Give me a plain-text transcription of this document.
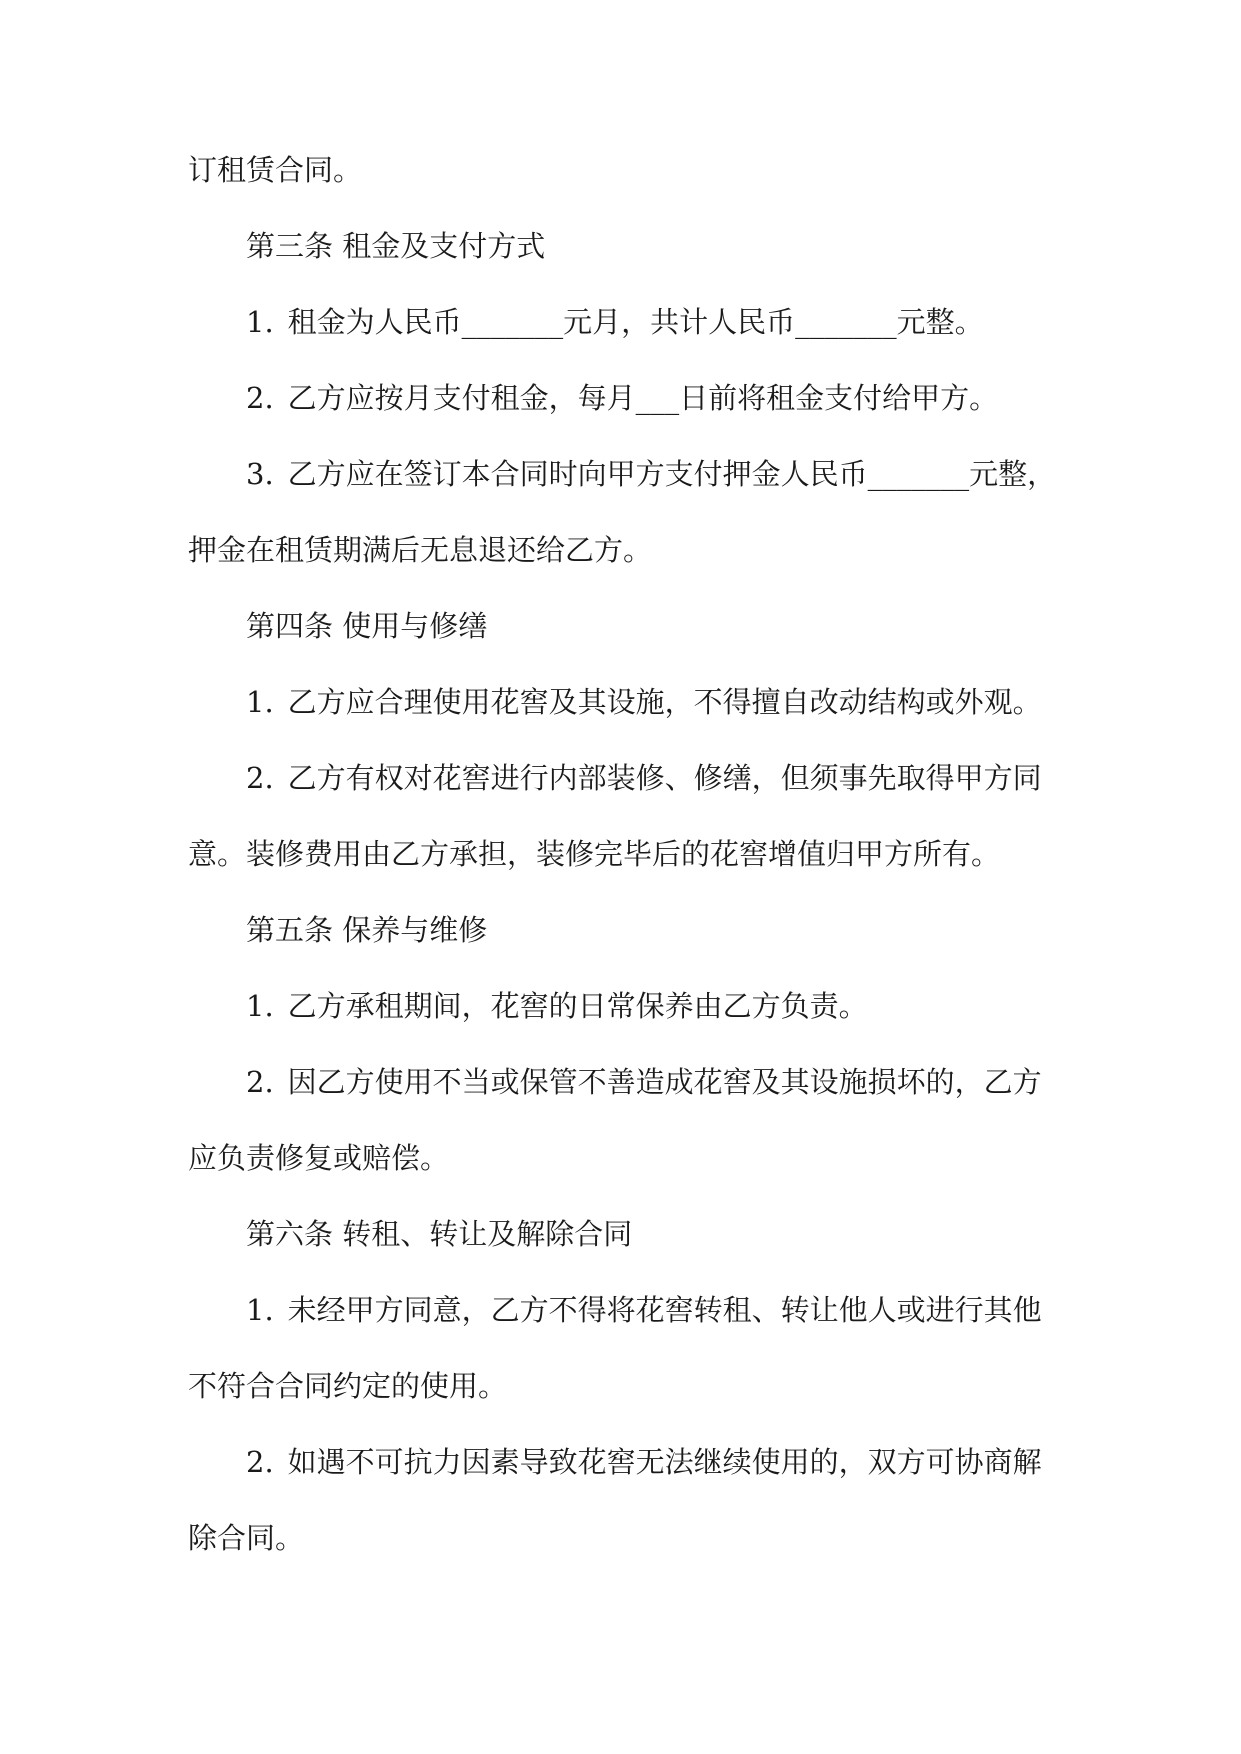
订租赁合同。

第三条 租金及支付方式

1. 租金为人民币_______元月，共计人民币_______元整。

2. 乙方应按月支付租金，每月___日前将租金支付给甲方。

3. 乙方应在签订本合同时向甲方支付押金人民币_______元整，

押金在租赁期满后无息退还给乙方。

第四条 使用与修缮

1. 乙方应合理使用花窖及其设施，不得擅自改动结构或外观。

2. 乙方有权对花窖进行内部装修、修缮，但须事先取得甲方同

意。装修费用由乙方承担，装修完毕后的花窖增值归甲方所有。

第五条 保养与维修

1. 乙方承租期间，花窖的日常保养由乙方负责。

2. 因乙方使用不当或保管不善造成花窖及其设施损坏的，乙方

应负责修复或赔偿。

第六条 转租、转让及解除合同

1. 未经甲方同意，乙方不得将花窖转租、转让他人或进行其他

不符合合同约定的使用。

2. 如遇不可抗力因素导致花窖无法继续使用的，双方可协商解

除合同。
